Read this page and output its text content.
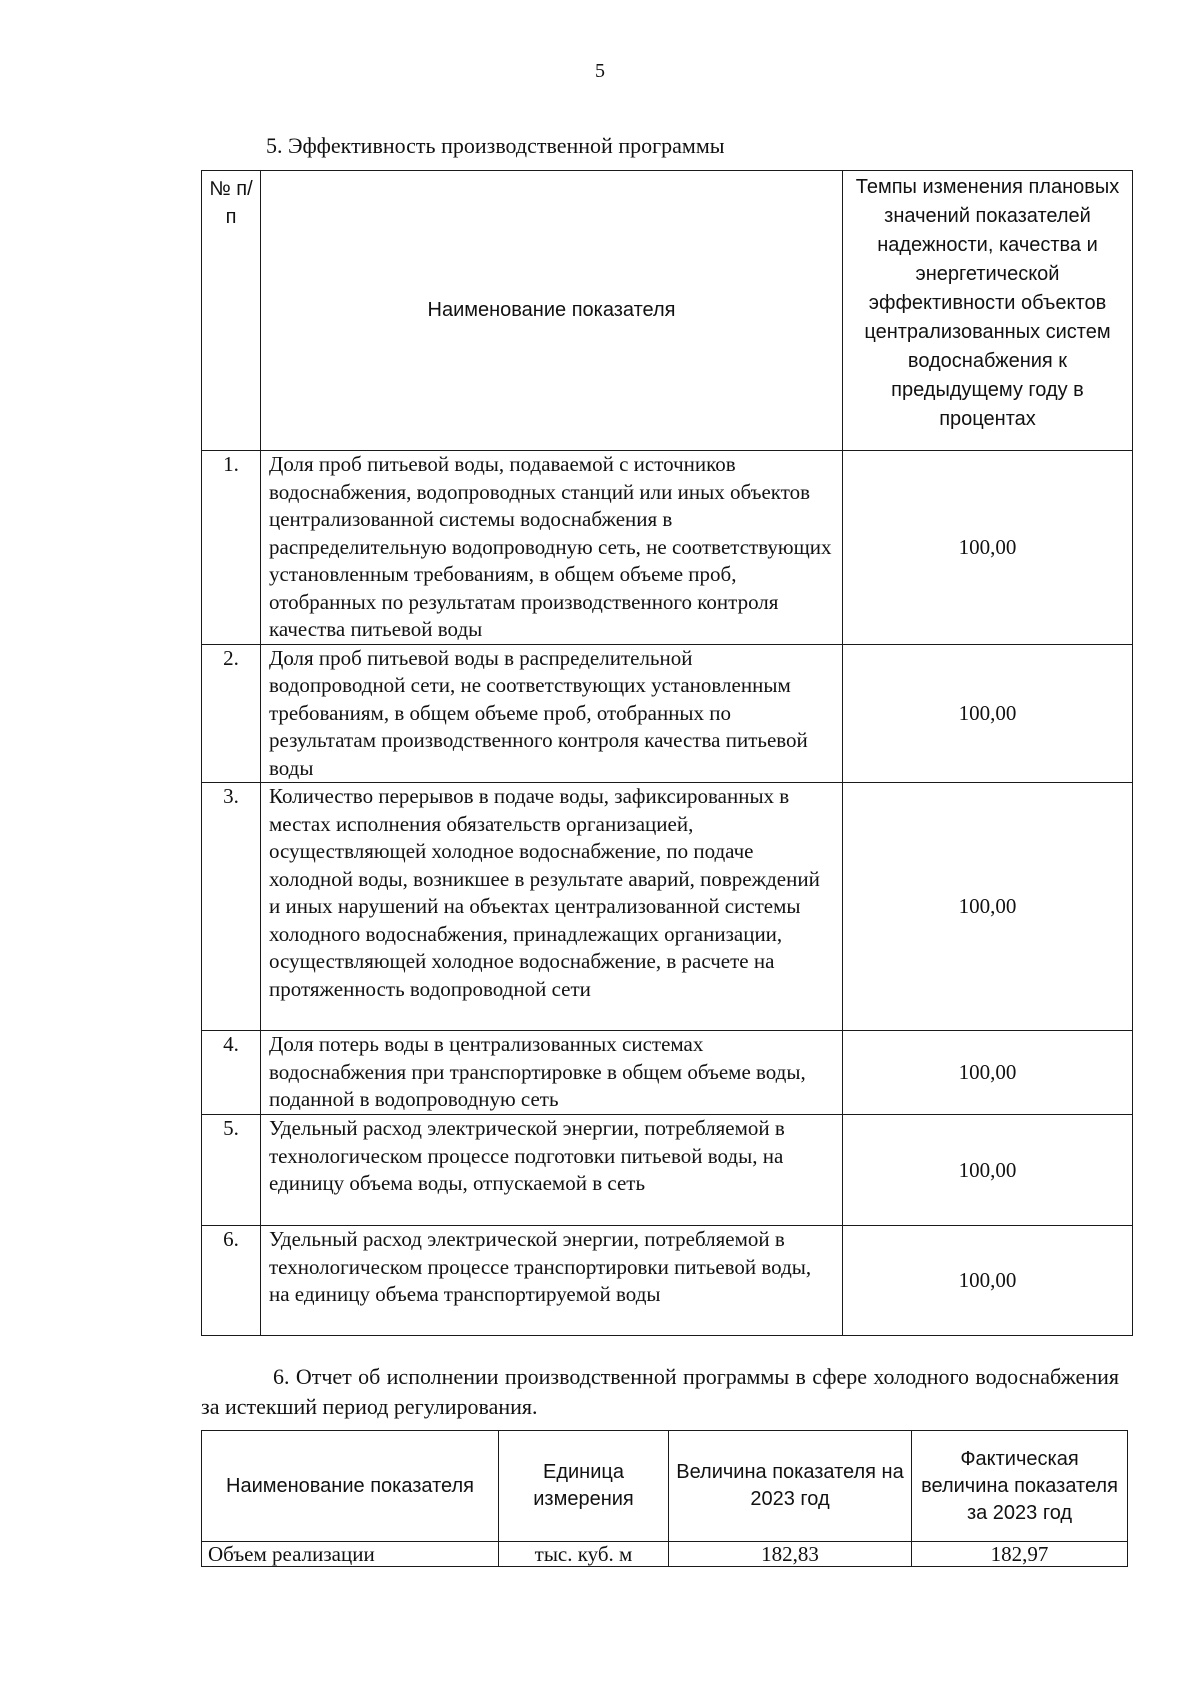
5
5. Эффективность производственной программы
№ п/п	Наименование показателя	Темпы изменения плановых значений показателей надежности, качества и энергетической эффективности объектов централизованных систем водоснабжения к предыдущему году в процентах
1.	Доля проб питьевой воды, подаваемой с источников водоснабжения, водопроводных станций или иных объектов централизованной системы водоснабжения в распределительную водопроводную сеть, не соответствующих установленным требованиям, в общем объеме проб, отобранных по результатам производственного контроля качества питьевой воды	100,00
2.	Доля проб питьевой воды в распределительной водопроводной сети, не соответствующих установленным требованиям, в общем объеме проб, отобранных по результатам производственного контроля качества питьевой воды	100,00
3.	Количество перерывов в подаче воды, зафиксированных в местах исполнения обязательств организацией, осуществляющей холодное водоснабжение, по подаче холодной воды, возникшее в результате аварий, повреждений и иных нарушений на объектах централизованной системы холодного водоснабжения, принадлежащих организации, осуществляющей холодное водоснабжение, в расчете на протяженность водопроводной сети	100,00
4.	Доля потерь воды в централизованных системах водоснабжения при транспортировке в общем объеме воды, поданной в водопроводную сеть	100,00
5.	Удельный расход электрической энергии, потребляемой в технологическом процессе подготовки питьевой воды, на единицу объема воды, отпускаемой в сеть	100,00
6.	Удельный расход электрической энергии, потребляемой в технологическом процессе транспортировки питьевой воды, на единицу объема транспортируемой воды	100,00
6. Отчет об исполнении производственной программы в сфере холодного водоснабжения за истекший период регулирования.
Наименование показателя	Единица измерения	Величина показателя на 2023 год	Фактическая величина показателя за 2023 год
Объем реализации	тыс. куб. м	182,83	182,97
